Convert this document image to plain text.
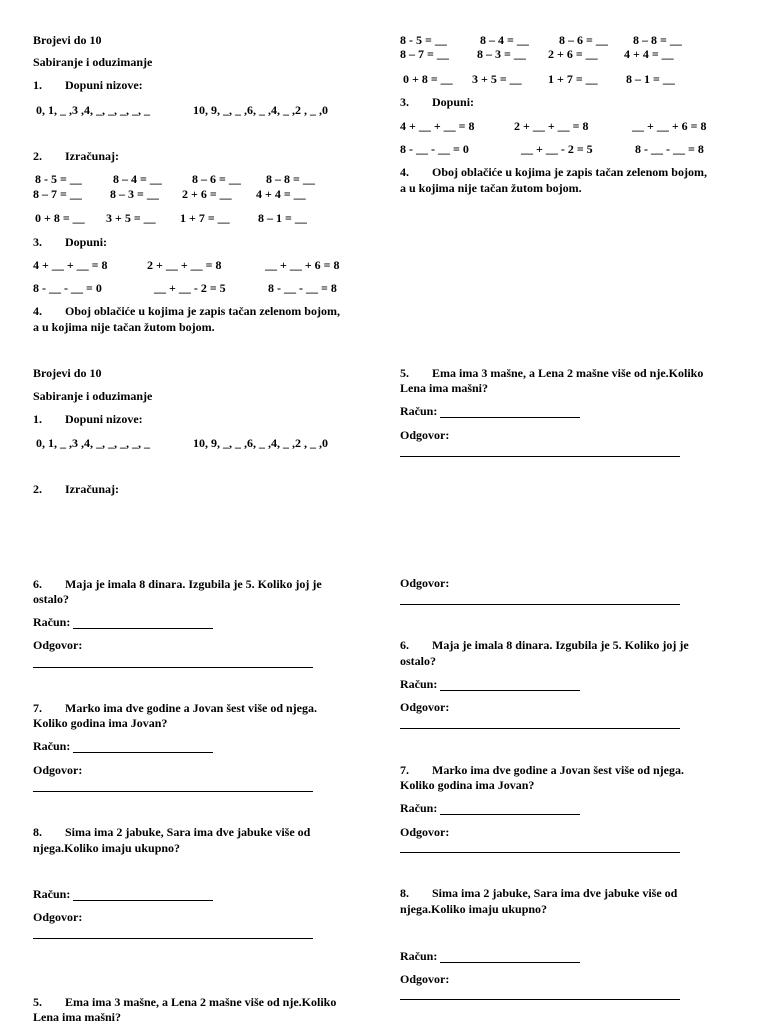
Brojevi do 10
Sabiranje i oduzimanje
1. Dopuni nizove:
0, 1, _ ,3 ,4, _, _, _, _, _	10, 9, _, _ ,6, _ ,4, _ ,2 , _ ,0
2. Izračunaj:
8 - 5 = __	8 – 4 = __	8 – 6 = __ 8 – 8 = __
8 – 7 = __ 8 – 3 = __ 2 + 6 = __ 4 + 4 = __
0 + 8 = __ 3 + 5 = __ 1 + 7 = __ 8 – 1 = __
3. Dopuni:
4 + __ + __ = 8	2 + __ + __ = 8	__ + __ + 6 = 8
8 - __ - __ = 0	__ + __ - 2 = 5	8 - __ - __ = 8
4. Oboj oblačiće u kojima je zapis tačan zelenom bojom,
a u kojima nije tačan žutom bojom.
8 - 5 = __	8 – 4 = __	8 – 6 = __ 8 – 8 = __
8 – 7 = __ 8 – 3 = __ 2 + 6 = __ 4 + 4 = __
0 + 8 = __ 3 + 5 = __ 1 + 7 = __ 8 – 1 = __
3. Dopuni:
4 + __ + __ = 8	2 + __ + __ = 8	__ + __ + 6 = 8
8 - __ - __ = 0	__ + __ - 2 = 5	8 - __ - __ = 8
4. Oboj oblačiće u kojima je zapis tačan zelenom bojom,
a u kojima nije tačan žutom bojom.
Brojevi do 10
Sabiranje i oduzimanje
1. Dopuni nizove:
0, 1, _ ,3 ,4, _, _, _, _, _	10, 9, _, _ ,6, _ ,4, _ ,2 , _ ,0
2. Izračunaj:
6. Maja je imala 8 dinara. Izgubila je 5. Koliko joj je
ostalo?
Račun:
Odgovor:
7. Marko ima dve godine a Jovan šest više od njega.
Koliko godina ima Jovan?
Račun:
Odgovor:
8. Sima ima 2 jabuke, Sara ima dve jabuke više od
njega.Koliko imaju ukupno?
Račun:
Odgovor:
5. Ema ima 3 mašne, a Lena 2 mašne više od nje.Koliko
Lena ima mašni?
5. Ema ima 3 mašne, a Lena 2 mašne više od nje.Koliko
Lena ima mašni?
Račun:
Odgovor:
Odgovor:
6. Maja je imala 8 dinara. Izgubila je 5. Koliko joj je
ostalo?
Račun:
Odgovor:
7. Marko ima dve godine a Jovan šest više od njega.
Koliko godina ima Jovan?
Račun:
Odgovor:
8. Sima ima 2 jabuke, Sara ima dve jabuke više od
njega.Koliko imaju ukupno?
Račun:
Odgovor:
